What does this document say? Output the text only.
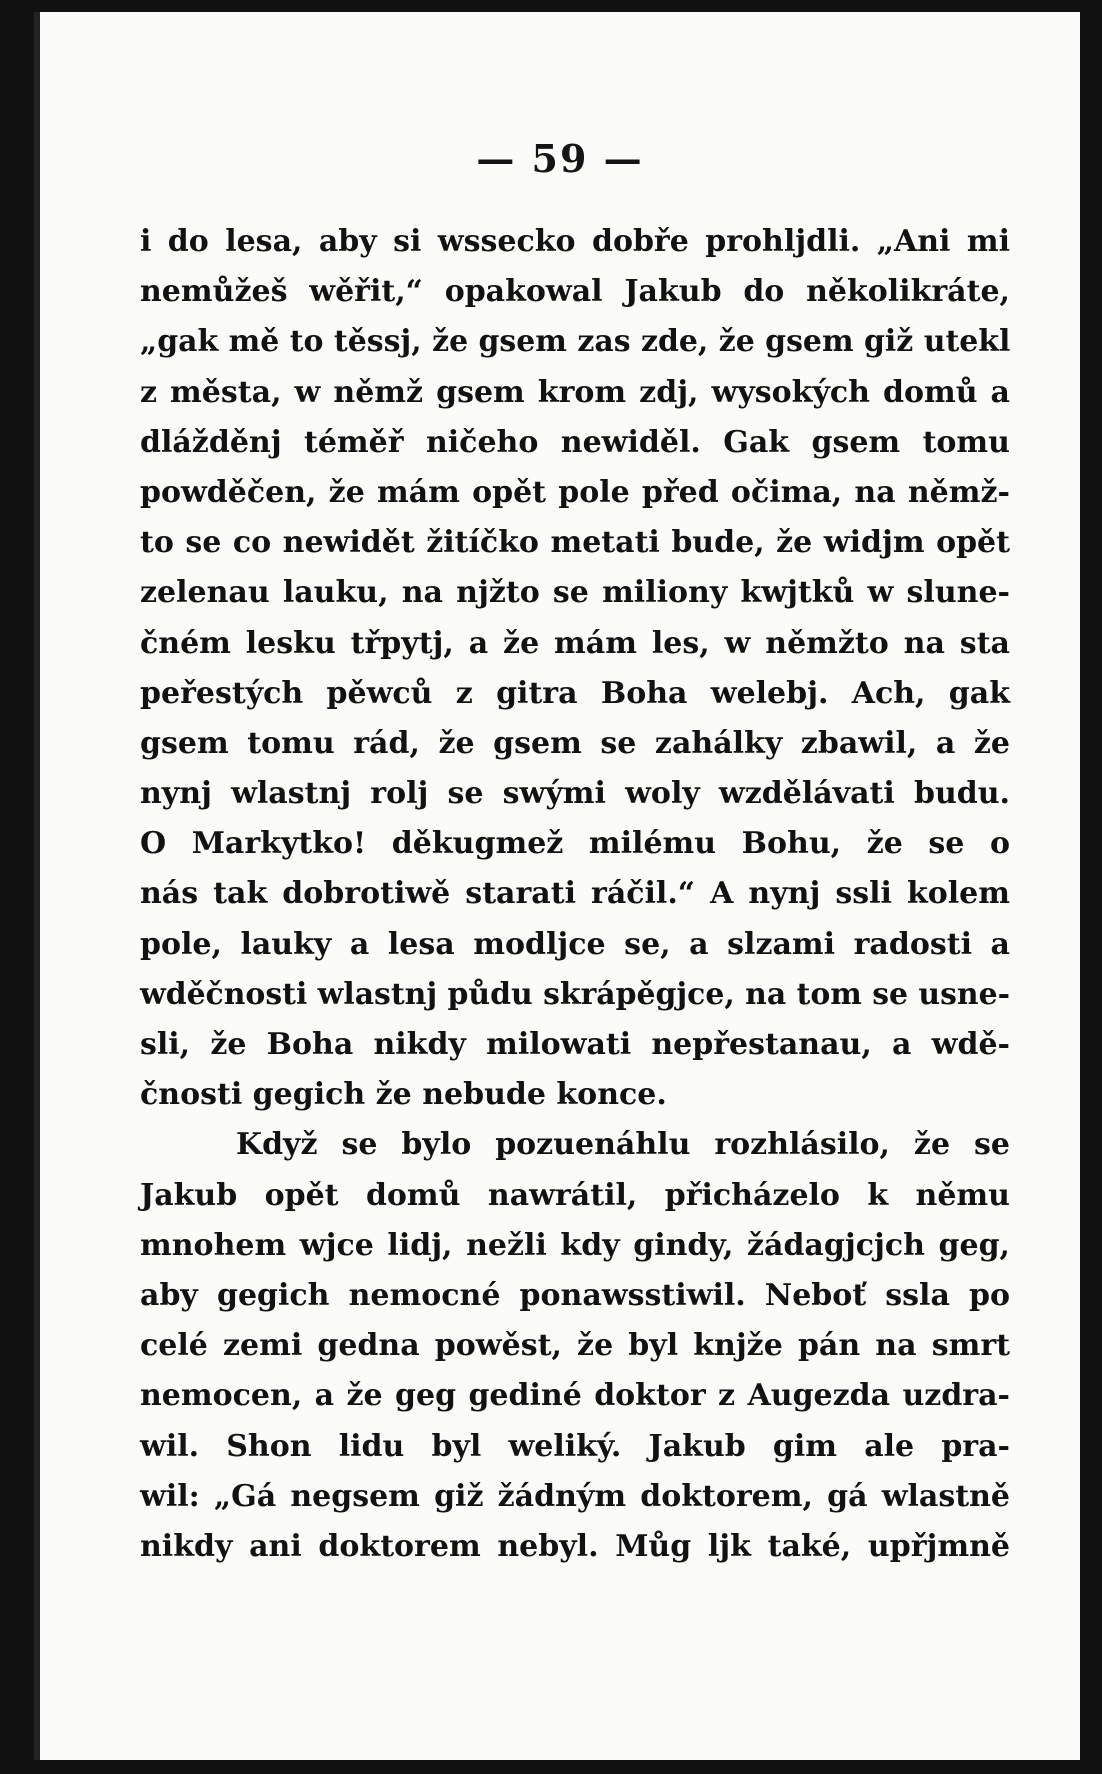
— 59 —
i do lesa, aby si wssecko dobře prohljdli. „Ani mi
nemůžeš wěřit,“ opakowal Jakub do několikráte,
„gak mě to těssj, že gsem zas zde, že gsem giž utekl
z města, w němž gsem krom zdj, wysokých domů a
dlážděnj téměř ničeho newiděl. Gak gsem tomu
powděčen, že mám opět pole před očima, na němž-
to se co newidět žitíčko metati bude, že widjm opět
zelenau lauku, na njžto se miliony kwjtků w slune-
čném lesku třpytj, a že mám les, w němžto na sta
peřestých pěwců z gitra Boha welebj. Ach, gak
gsem tomu rád, že gsem se zahálky zbawil, a že
nynj wlastnj rolj se swými woly wzdělávati budu.
O Markytko! děkugmež milému Bohu, že se o
nás tak dobrotiwě starati ráčil.“ A nynj ssli kolem
pole, lauky a lesa modljce se, a slzami radosti a
wděčnosti wlastnj půdu skrápěgjce, na tom se usne-
sli, že Boha nikdy milowati nepřestanau, a wdě-
čnosti gegich že nebude konce.
Když se bylo pozuenáhlu rozhlásilo, že se
Jakub opět domů nawrátil, přicházelo k němu
mnohem wjce lidj, nežli kdy gindy, žádagjcjch geg,
aby gegich nemocné ponawsstiwil. Neboť ssla po
celé zemi gedna powěst, že byl knjže pán na smrt
nemocen, a že geg gediné doktor z Augezda uzdra-
wil. Shon lidu byl weliký. Jakub gim ale pra-
wil: „Gá negsem giž žádným doktorem, gá wlastně
nikdy ani doktorem nebyl. Můg ljk také, upřjmně
